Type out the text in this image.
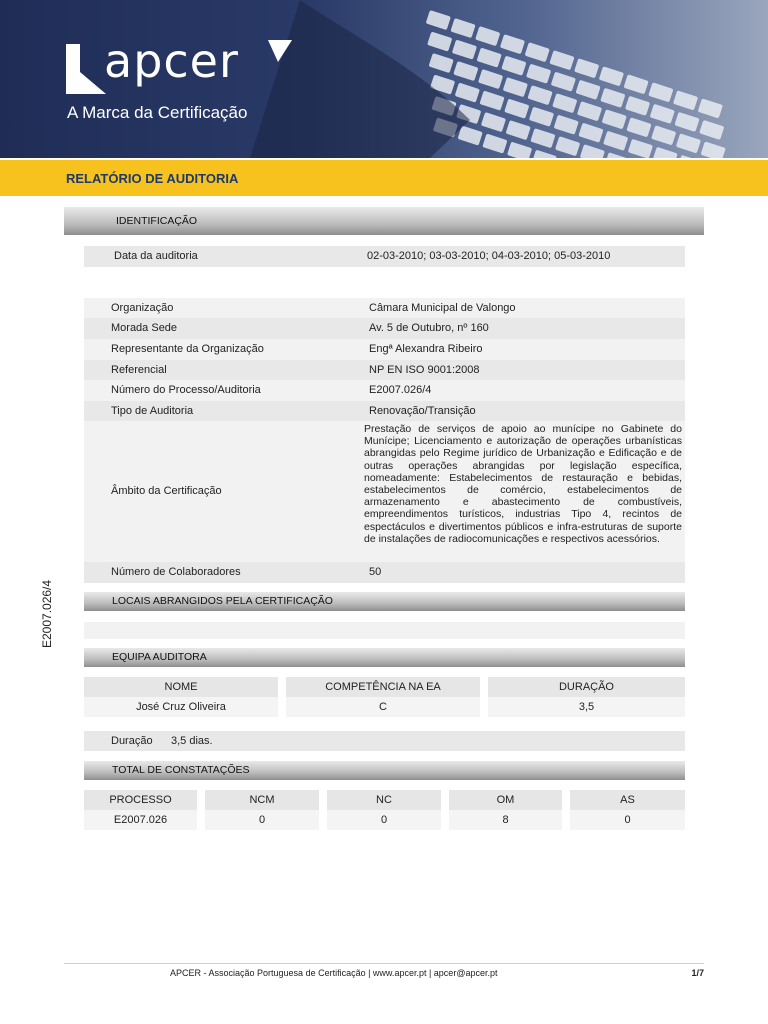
apcer
A Marca da Certificação
RELATÓRIO DE AUDITORIA
IDENTIFICAÇÃO
Data da auditoria	02-03-2010; 03-03-2010; 04-03-2010; 05-03-2010
Organização	Câmara Municipal de Valongo
Morada Sede	Av. 5 de Outubro, nº 160
Representante da Organização	Engª Alexandra Ribeiro
Referencial	NP EN ISO 9001:2008
Número do Processo/Auditoria	E2007.026/4
Tipo de Auditoria	Renovação/Transição
Âmbito da Certificação
Prestação de serviços de apoio ao munícipe no Gabinete do Munícipe; Licenciamento e autorização de operações urbanísticas abrangidas pelo Regime jurídico de Urbanização e Edificação e de outras operações abrangidas por legislação específica, nomeadamente: Estabelecimentos de restauração e bebidas, estabelecimentos de comércio, estabelecimentos de armazenamento e abastecimento de combustíveis, empreendimentos turísticos, industrias Tipo 4, recintos de espectáculos e divertimentos públicos e infra-estruturas de suporte de instalações de radiocomunicações e respectivos acessórios.
Número de Colaboradores	50
E2007.026/4	LOCAIS ABRANGIDOS PELA CERTIFICAÇÃO
EQUIPA AUDITORA
NOME	COMPETÊNCIA NA EA	DURAÇÃO
José Cruz Oliveira	C	3,5
Duração 3,5 dias.
TOTAL DE CONSTATAÇÕES
PROCESSO	NCM	NC	OM	AS
E2007.026	0	0	8	0
APCER - Associação Portuguesa de Certificação | www.apcer.pt | apcer@apcer.pt	1/7
